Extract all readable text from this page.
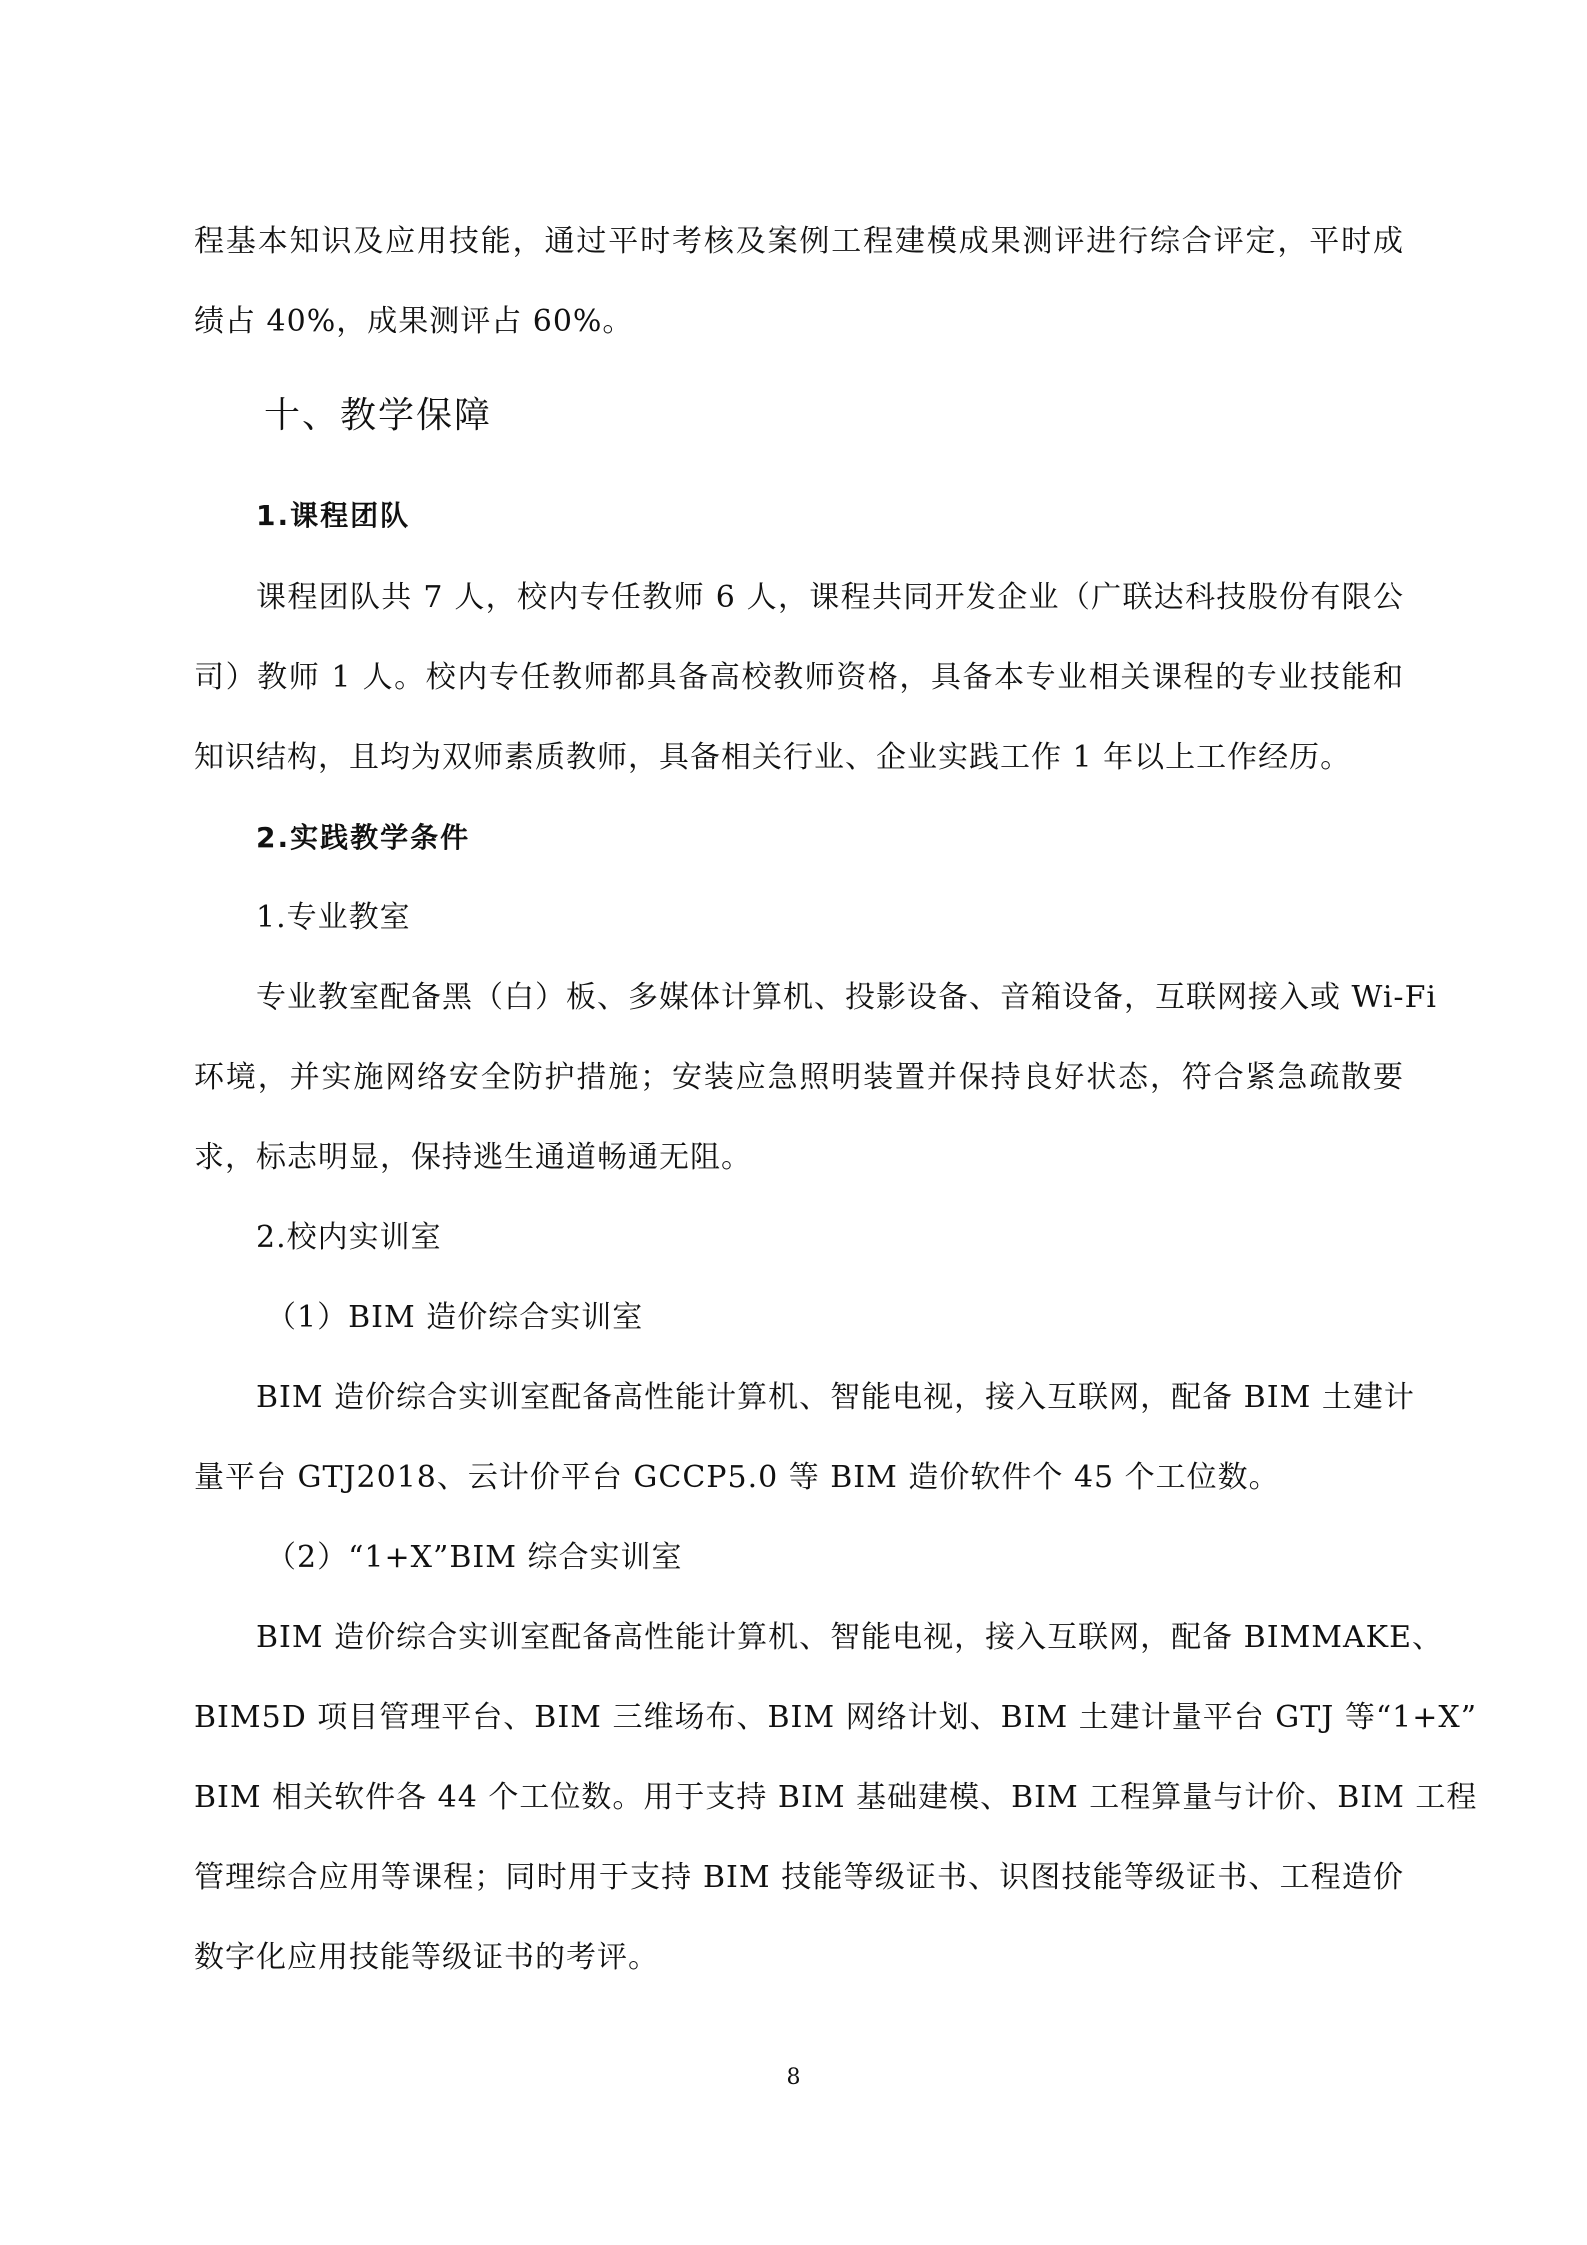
程基本知识及应用技能，通过平时考核及案例工程建模成果测评进行综合评定，平时成
绩占 40%，成果测评占 60%。
十、教学保障
1.课程团队
课程团队共 7 人，校内专任教师 6 人，课程共同开发企业（广联达科技股份有限公
司）教师 1 人。校内专任教师都具备高校教师资格，具备本专业相关课程的专业技能和
知识结构，且均为双师素质教师，具备相关行业、企业实践工作 1 年以上工作经历。
2.实践教学条件
1.专业教室
专业教室配备黑（白）板、多媒体计算机、投影设备、音箱设备，互联网接入或 Wi-Fi
环境，并实施网络安全防护措施；安装应急照明装置并保持良好状态，符合紧急疏散要
求，标志明显，保持逃生通道畅通无阻。
2.校内实训室
（1）BIM 造价综合实训室
BIM 造价综合实训室配备高性能计算机、智能电视，接入互联网，配备 BIM 土建计
量平台 GTJ2018、云计价平台 GCCP5.0 等 BIM 造价软件个 45 个工位数。
（2）“1+X”BIM 综合实训室
BIM 造价综合实训室配备高性能计算机、智能电视，接入互联网，配备 BIMMAKE、
BIM5D 项目管理平台、BIM 三维场布、BIM 网络计划、BIM 土建计量平台 GTJ 等“1+X”
BIM 相关软件各 44 个工位数。用于支持 BIM 基础建模、BIM 工程算量与计价、BIM 工程
管理综合应用等课程；同时用于支持 BIM 技能等级证书、识图技能等级证书、工程造价
数字化应用技能等级证书的考评。
8
